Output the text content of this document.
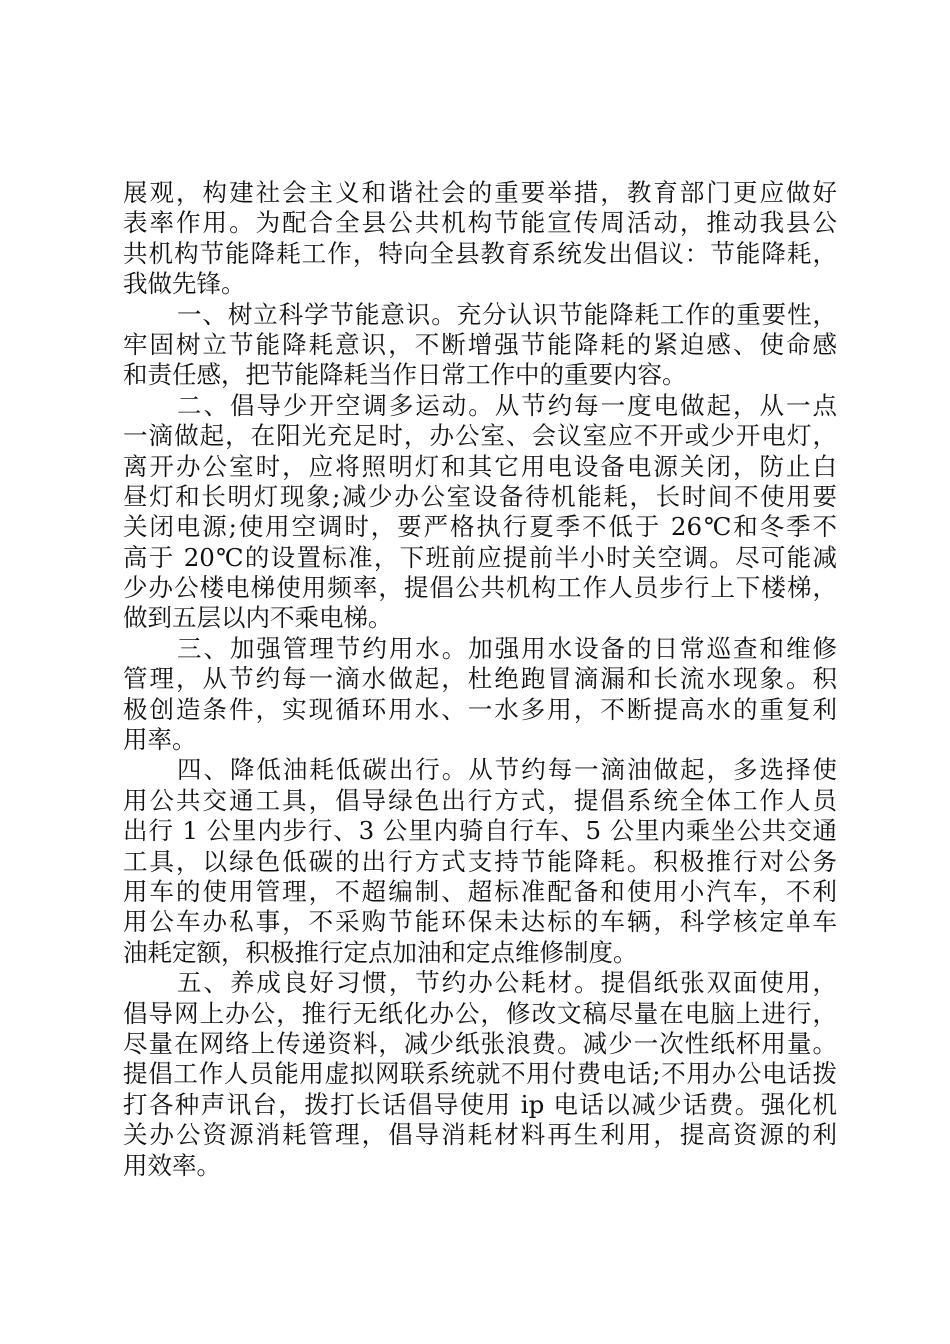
展观，构建社会主义和谐社会的重要举措，教育部门更应做好
表率作用。为配合全县公共机构节能宣传周活动，推动我县公
共机构节能降耗工作，特向全县教育系统发出倡议：节能降耗，
我做先锋。
一、树立科学节能意识。充分认识节能降耗工作的重要性，
牢固树立节能降耗意识，不断增强节能降耗的紧迫感、使命感
和责任感，把节能降耗当作日常工作中的重要内容。
二、倡导少开空调多运动。从节约每一度电做起，从一点
一滴做起，在阳光充足时，办公室、会议室应不开或少开电灯，
离开办公室时，应将照明灯和其它用电设备电源关闭，防止白
昼灯和长明灯现象;减少办公室设备待机能耗，长时间不使用要
关闭电源;使用空调时，要严格执行夏季不低于 26℃和冬季不
高于 20℃的设置标准，下班前应提前半小时关空调。尽可能减
少办公楼电梯使用频率，提倡公共机构工作人员步行上下楼梯，
做到五层以内不乘电梯。
三、加强管理节约用水。加强用水设备的日常巡查和维修
管理，从节约每一滴水做起，杜绝跑冒滴漏和长流水现象。积
极创造条件，实现循环用水、一水多用，不断提高水的重复利
用率。
四、降低油耗低碳出行。从节约每一滴油做起，多选择使
用公共交通工具，倡导绿色出行方式，提倡系统全体工作人员
出行 1 公里内步行、3 公里内骑自行车、5 公里内乘坐公共交通
工具，以绿色低碳的出行方式支持节能降耗。积极推行对公务
用车的使用管理，不超编制、超标准配备和使用小汽车，不利
用公车办私事，不采购节能环保未达标的车辆，科学核定单车
油耗定额，积极推行定点加油和定点维修制度。
五、养成良好习惯，节约办公耗材。提倡纸张双面使用，
倡导网上办公，推行无纸化办公，修改文稿尽量在电脑上进行，
尽量在网络上传递资料，减少纸张浪费。减少一次性纸杯用量。
提倡工作人员能用虚拟网联系统就不用付费电话;不用办公电话拨
打各种声讯台，拨打长话倡导使用 ip 电话以减少话费。强化机
关办公资源消耗管理，倡导消耗材料再生利用，提高资源的利
用效率。
